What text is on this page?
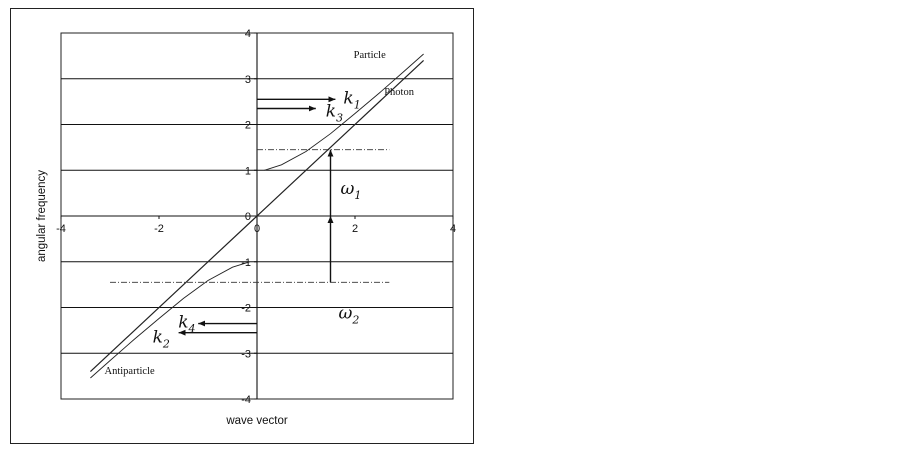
4
3
2
1
0
-1
-2
-3
-4
-4	-2	0	2	4
wave vector
angular frequency
Particle
Photon
Antiparticle
$k_1$
$k_3$
$\omega_1$
$\omega_2$
$k_4$
$k_2$
